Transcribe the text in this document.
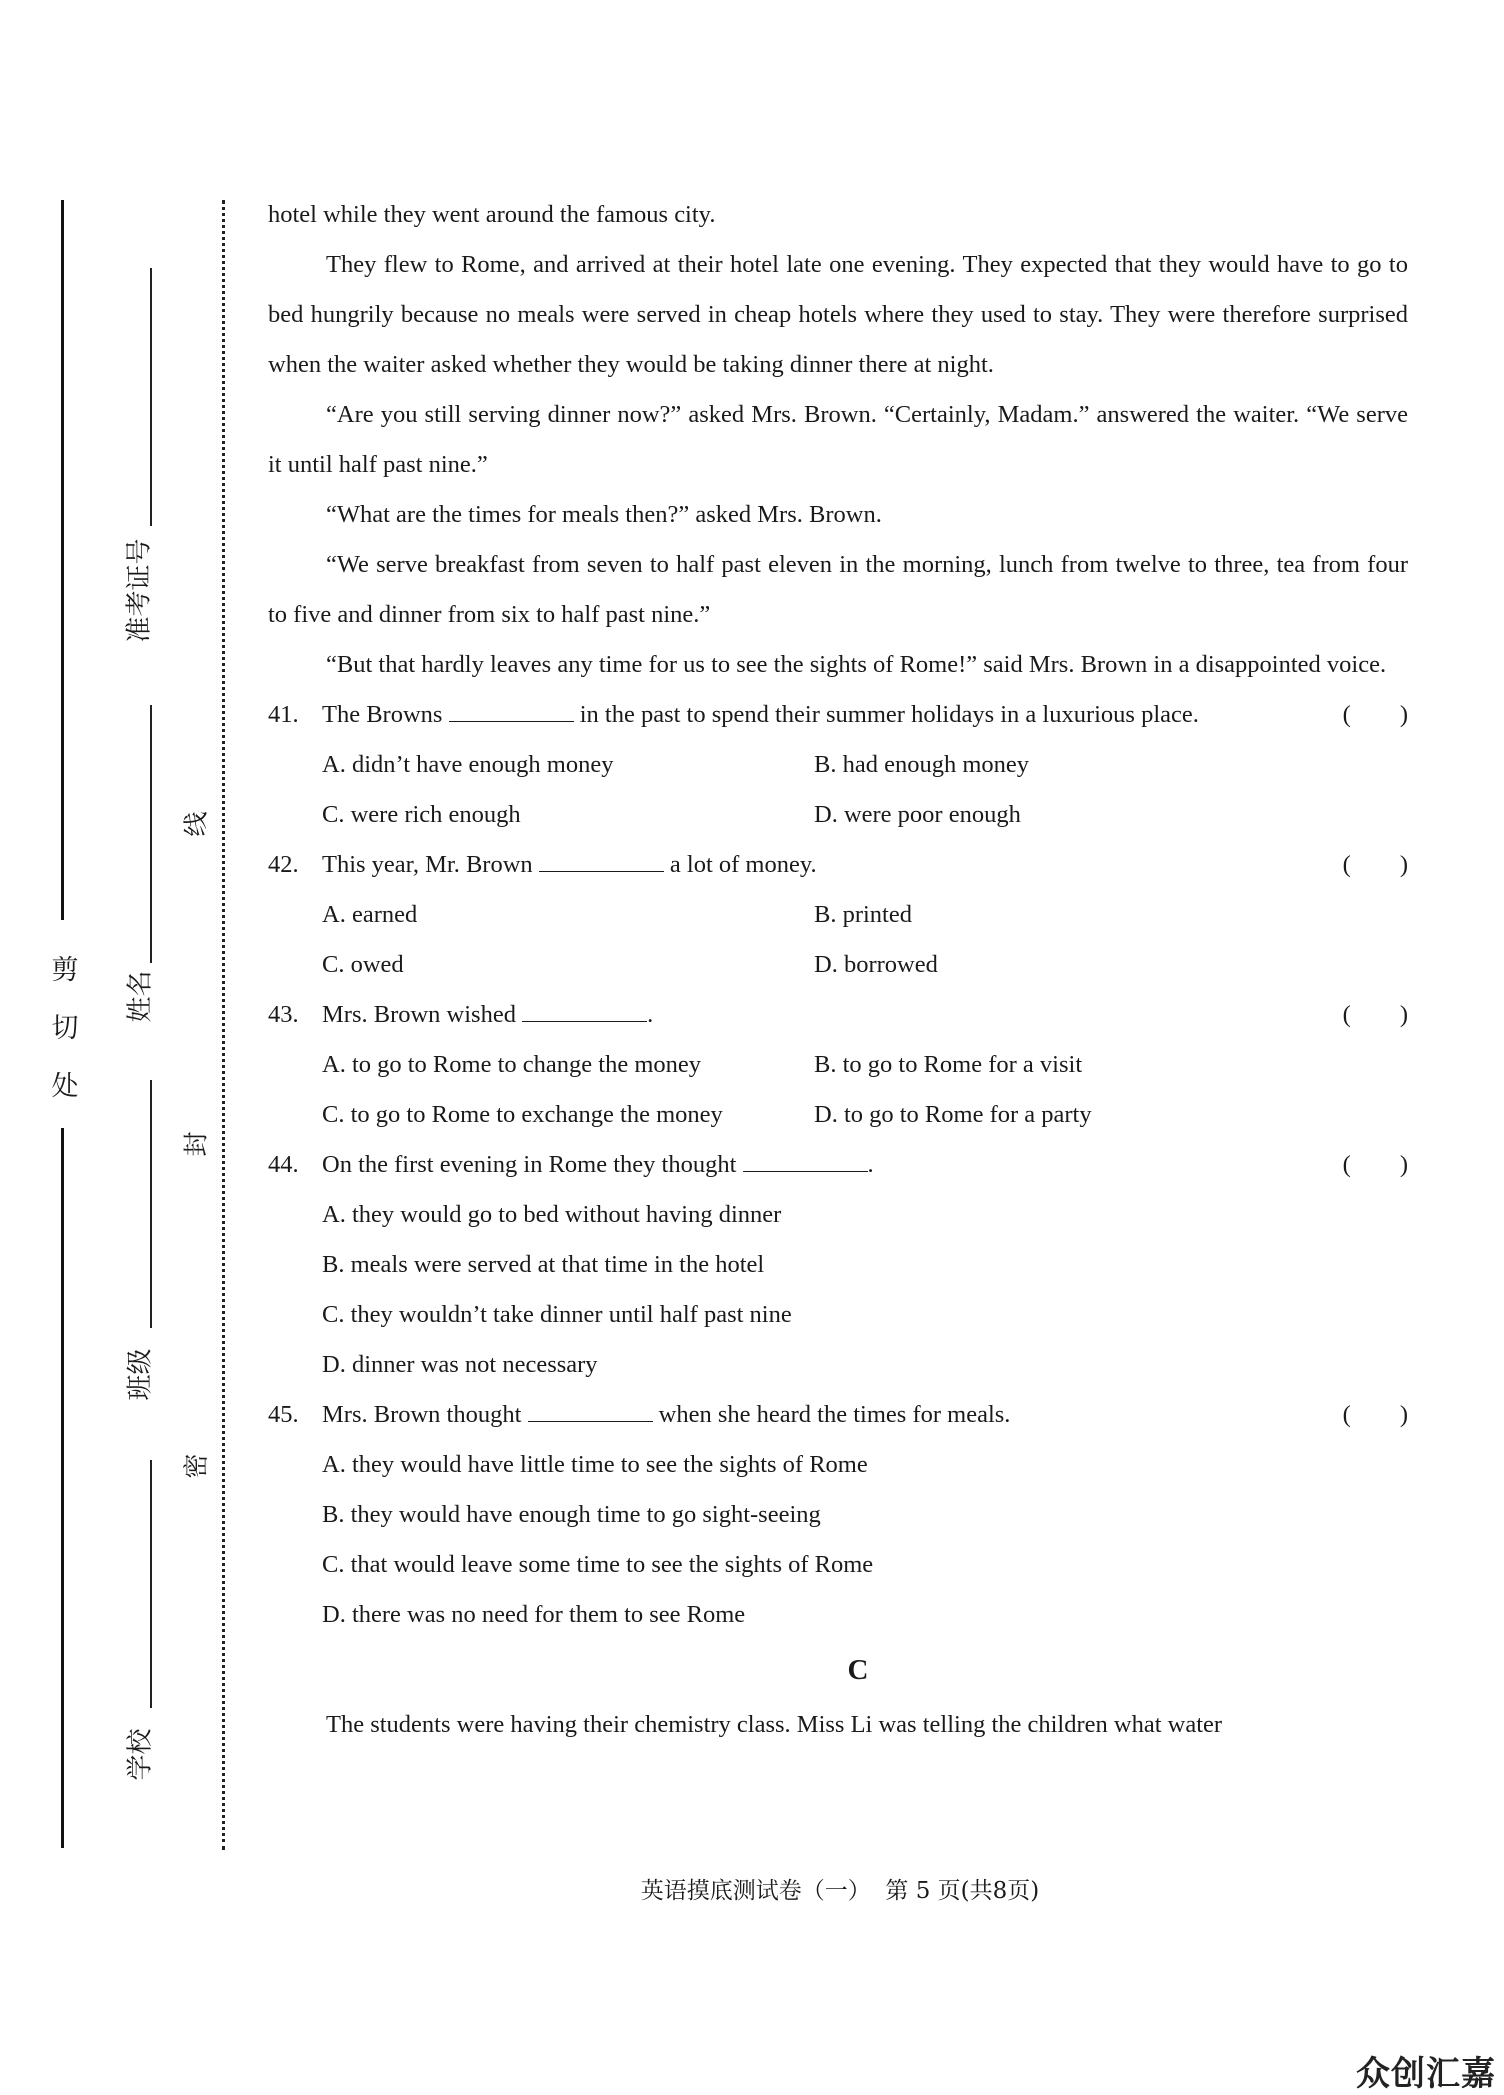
剪
切
处
准考证号
姓名
班级
学校
线
封
密

hotel while they went around the famous city.

They flew to Rome, and arrived at their hotel late one evening. They expected that they would have to go to bed hungrily because no meals were served in cheap hotels where they used to stay. They were therefore surprised when the waiter asked whether they would be taking dinner there at night.

“Are you still serving dinner now?” asked Mrs. Brown. “Certainly, Madam.” answered the waiter. “We serve it until half past nine.”

“What are the times for meals then?” asked Mrs. Brown.

“We serve breakfast from seven to half past eleven in the morning, lunch from twelve to three, tea from four to five and dinner from six to half past nine.”

“But that hardly leaves any time for us to see the sights of Rome!” said Mrs. Brown in a disappointed voice.

41. The Browns	in the past to spend their summer holidays in a luxurious place.	(        )
A. didn’t have enough money	B. had enough money
C. were rich enough	D. were poor enough
42. This year, Mr. Brown	a lot of money.	(        )
A. earned	B. printed
C. owed	D. borrowed
43. Mrs. Brown wished	.	(        )
A. to go to Rome to change the money	B. to go to Rome for a visit
C. to go to Rome to exchange the money	D. to go to Rome for a party
44. On the first evening in Rome they thought	.	(        )
A. they would go to bed without having dinner
B. meals were served at that time in the hotel
C. they wouldn’t take dinner until half past nine
D. dinner was not necessary
45. Mrs. Brown thought	when she heard the times for meals.	(        )
A. they would have little time to see the sights of Rome
B. they would have enough time to go sight-seeing
C. that would leave some time to see the sights of Rome
D. there was no need for them to see Rome
C

The students were having their chemistry class. Miss Li was telling the children what water

英语摸底测试卷（一）  第 5 页(共8页)
众创汇嘉
